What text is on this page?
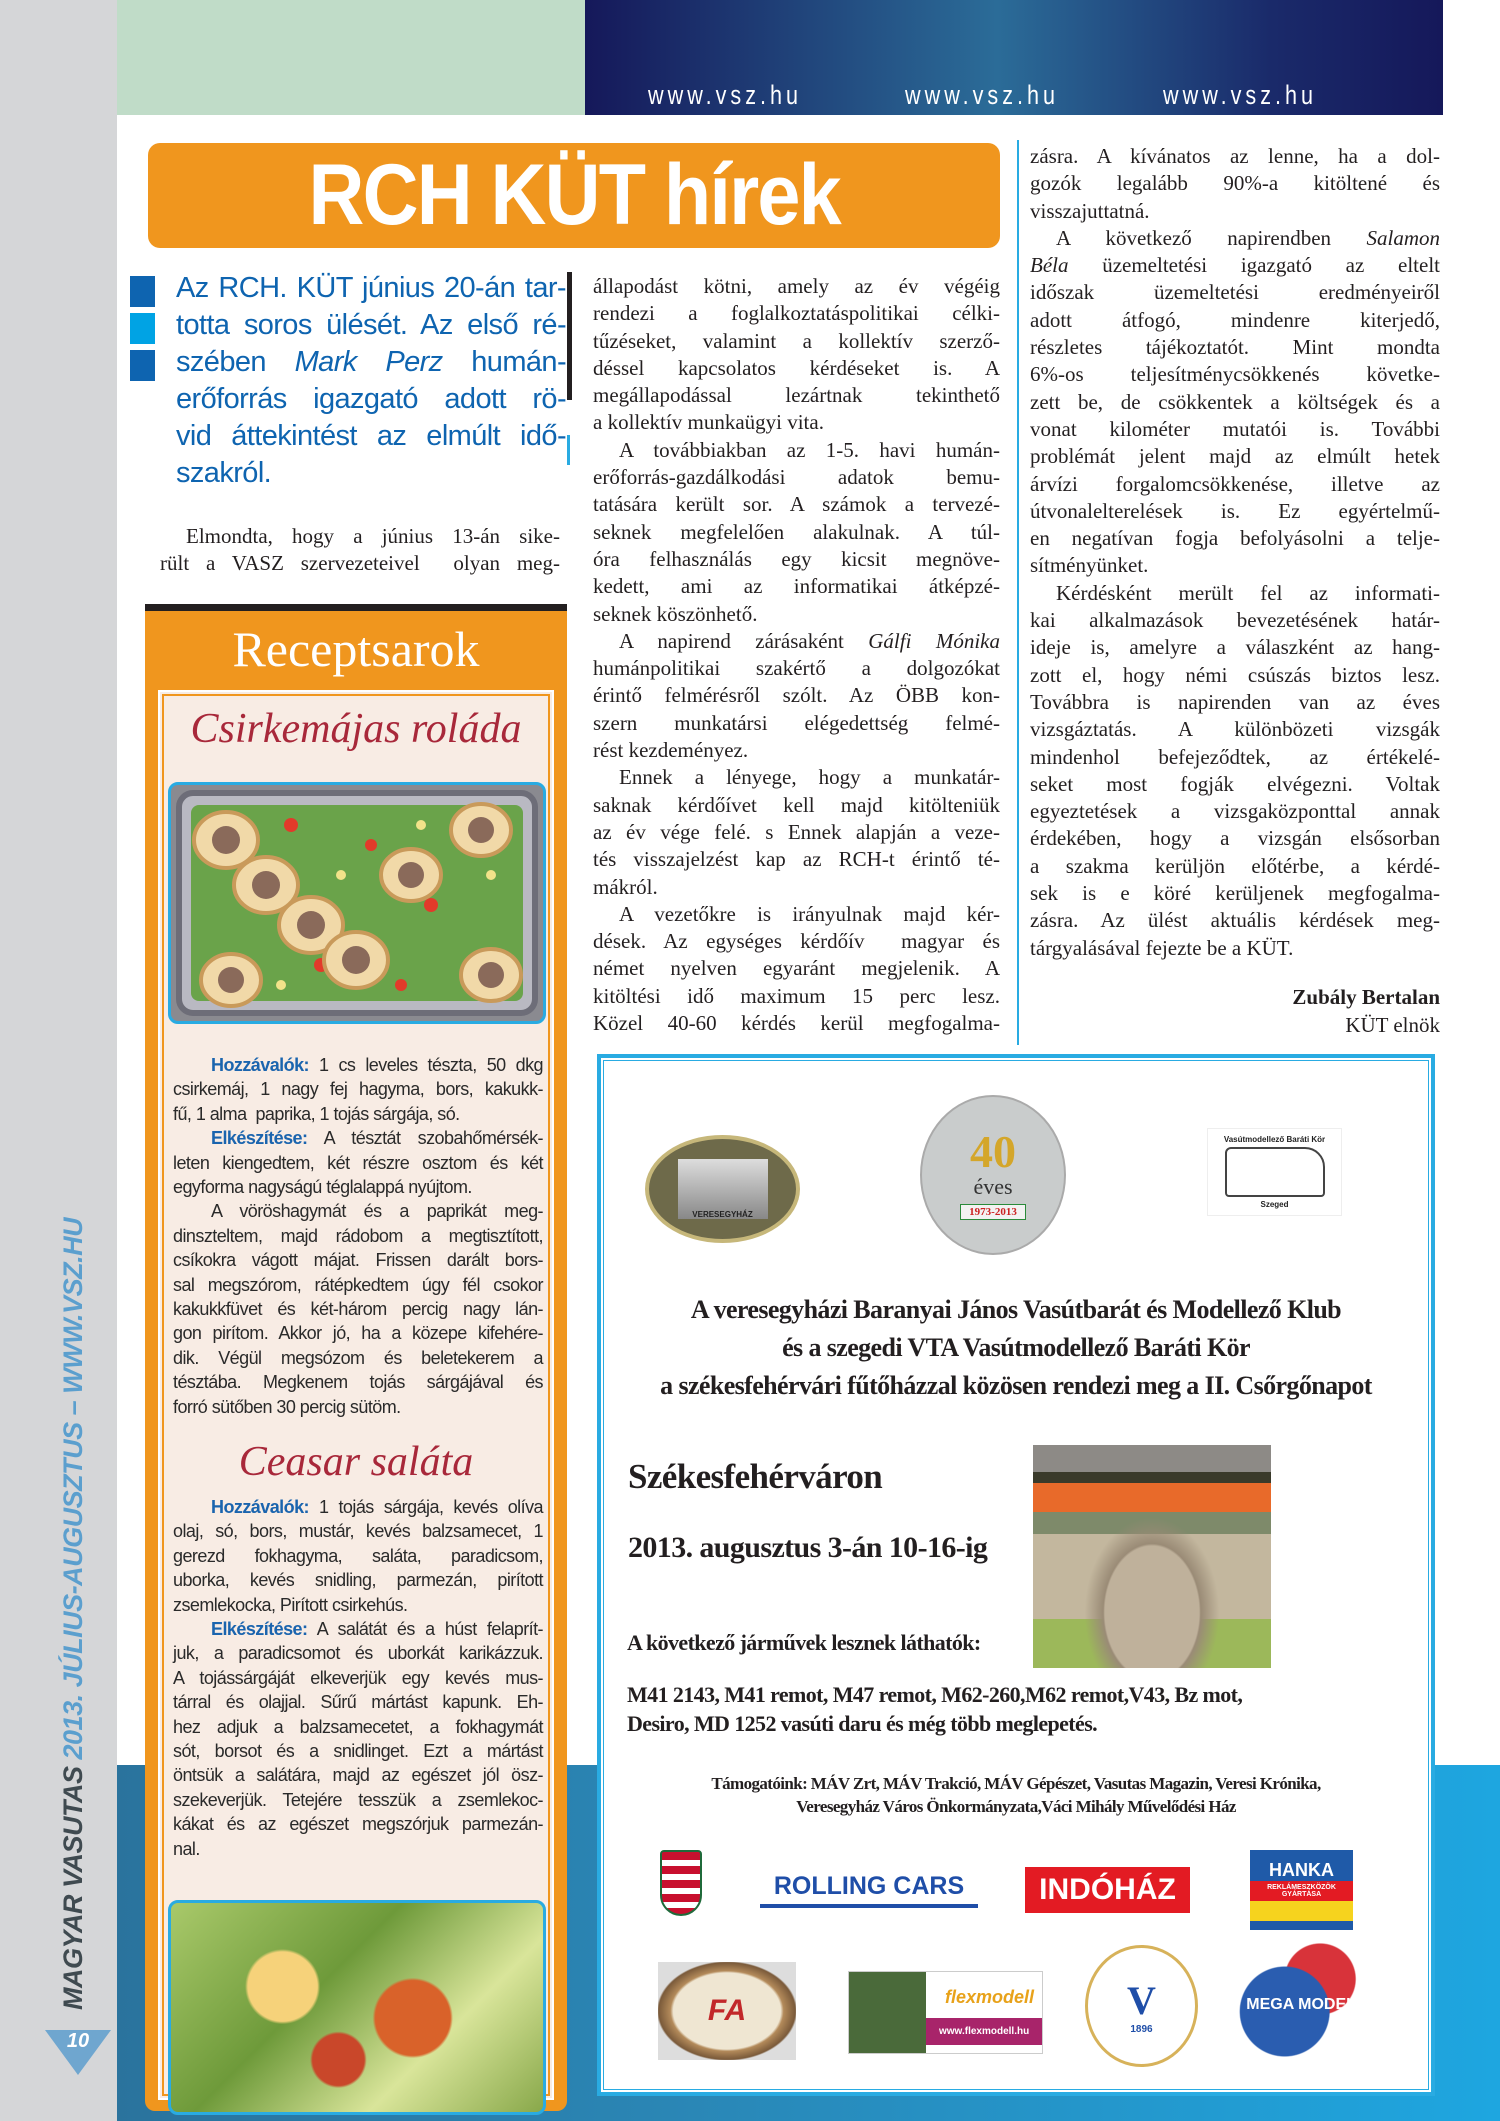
www.vsz.hu	www.vsz.hu	www.vsz.hu
MAGYAR VASUTAS 2013. JÚLIUS-AUGUSZTUS – WWW.VSZ.HU
10
RCH KÜT hírek
Az RCH. KÜT június 20-án tar-
totta soros ülését. Az első ré-
szében Mark Perz humán-
erőforrás igazgató adott rö-
vid áttekintést az elmúlt idő-
szakról.
Elmondta, hogy a június 13-án sike-
rült a VASZ szervezeteivel  olyan meg-
állapodást kötni, amely az év végéig
rendezi a foglalkoztatáspolitikai célki-
tűzéseket, valamint a kollektív szerző-
déssel kapcsolatos kérdéseket is. A
megállapodással lezártnak tekinthető
a kollektív munkaügyi vita.
A továbbiakban az 1-5. havi humán-
erőforrás-gazdálkodási adatok bemu-
tatására került sor. A számok a tervezé-
seknek megfelelően alakulnak. A túl-
óra felhasználás egy kicsit megnöve-
kedett, ami az informatikai átképzé-
seknek köszönhető.
A napirend zárásaként Gálfi Mónika
humánpolitikai szakértő a dolgozókat
érintő felmérésről szólt. Az ÖBB kon-
szern munkatársi elégedettség felmé-
rést kezdeményez.
Ennek a lényege, hogy a munkatár-
saknak kérdőívet kell majd kitölteniük
az év vége felé. s Ennek alapján a veze-
tés visszajelzést kap az RCH-t érintő té-
mákról.
A vezetőkre is irányulnak majd kér-
dések. Az egységes kérdőív  magyar és
német nyelven egyaránt megjelenik. A
kitöltési idő maximum 15 perc lesz.
Közel 40-60 kérdés kerül megfogalma-
zásra. A kívánatos az lenne, ha a dol-
gozók legalább 90%-a kitöltené és
visszajuttatná.
A következő napirendben Salamon
Béla üzemeltetési igazgató az eltelt
időszak üzemeltetési eredményeiről
adott átfogó, mindenre kiterjedő,
részletes tájékoztatót. Mint mondta
6%-os teljesítménycsökkenés követke-
zett be, de csökkentek a költségek és a
vonat kilométer mutatói is. További
problémát jelent majd az elmúlt hetek
árvízi forgalomcsökkenése, illetve az
útvonalelterelések is. Ez egyértelmű-
en negatívan fogja befolyásolni a telje-
sítményünket.
Kérdésként merült fel az informati-
kai alkalmazások bevezetésének határ-
ideje is, amelyre a válaszként az hang-
zott el, hogy némi csúszás biztos lesz.
Továbbra is napirenden van az éves
vizsgáztatás. A különbözeti vizsgák
mindenhol befejeződtek, az értékelé-
seket most fogják elvégezni. Voltak
egyeztetések a vizsgaközponttal annak
érdekében, hogy a vizsgán elsősorban
a szakma kerüljön előtérbe, a kérdé-
sek is e köré kerüljenek megfogalma-
zásra. Az ülést aktuális kérdések meg-
tárgyalásával fejezte be a KÜT.
Zubály Bertalan
KÜT elnök
Receptsarok
Csirkemájas roláda
Hozzávalók: 1 cs leveles tészta, 50 dkg
csirkemáj, 1 nagy fej hagyma, bors, kakukk-
fű, 1 alma  paprika, 1 tojás sárgája, só.
Elkészítése: A tésztát szobahőmérsék-
leten kiengedtem, két részre osztom és két
egyforma nagyságú téglalappá nyújtom.
A vöröshagymát és a paprikát meg-
dinszteltem, majd rádobom a megtisztított,
csíkokra vágott májat. Frissen darált bors-
sal megszórom, rátépkedtem úgy fél csokor
kakukkfüvet és két-három percig nagy lán-
gon pirítom. Akkor jó, ha a közepe kifehére-
dik. Végül megsózom és beletekerem a
tésztába. Megkenem tojás sárgájával és
forró sütőben 30 percig sütöm.
Ceasar saláta
Hozzávalók: 1 tojás sárgája, kevés olíva
olaj, só, bors, mustár, kevés balzsamecet, 1
gerezd fokhagyma, saláta, paradicsom,
uborka, kevés snidling, parmezán, pirított
zsemlekocka, Pirított csirkehús.
Elkészítése: A salátát és a húst felaprít-
juk, a paradicsomot és uborkát karikázzuk.
A tojássárgáját elkeverjük egy kevés mus-
tárral és olajjal. Sűrű mártást kapunk. Eh-
hez adjuk a balzsamecetet, a fokhagymát
sót, borsot és a snidlinget. Ezt a mártást
öntsük a salátára, majd az egészet jól ösz-
szekeverjük. Tetejére tesszük a zsemlekoc-
kákat és az egészet megszórjuk parmezán-
nal.
VERESEGYHÁZ
40
éves
1973-2013
Vasútmodellező Baráti Kör
Szeged
A veresegyházi Baranyai János Vasútbarát és Modellező Klub
és a szegedi VTA Vasútmodellező Baráti Kör
a székesfehérvári fűtőházzal közösen rendezi meg a II. Csőrgőnapot
Székesfehérváron
2013. augusztus 3-án 10-16-ig
A következő járművek lesznek láthatók:
M41 2143, M41 remot, M47 remot, M62-260,M62 remot,V43, Bz mot,
Desiro, MD 1252 vasúti daru és még több meglepetés.
Támogatóink: MÁV Zrt, MÁV Trakció, MÁV Gépészet, Vasutas Magazin, Veresi Krónika,
Veresegyház Város Önkormányzata,Váci Mihály Művelődési Ház
ROLLING CARS	INDÓHÁZ
HANKA
REKLÁMESZKÖZÖK GYÁRTÁSA
FA	flexmodell
www.flexmodell.hu
V
1896
MEGA MODELL
